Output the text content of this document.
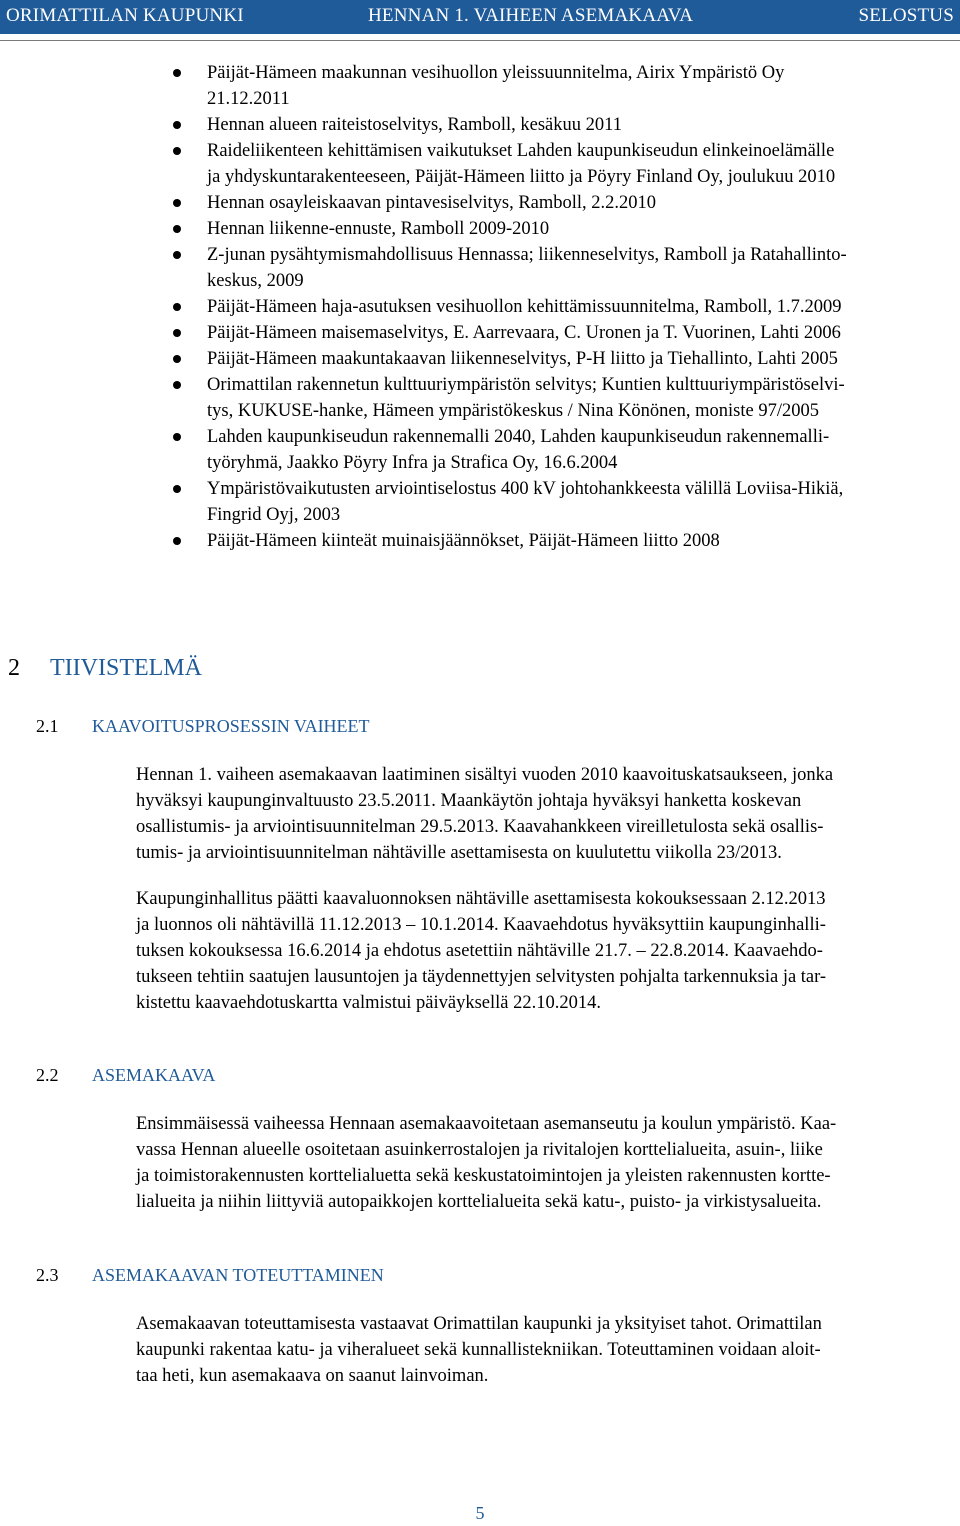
ORIMATTILAN KAUPUNKI	HENNAN 1. VAIHEEN ASEMAKAAVA	SELOSTUS
Päijät-Hämeen maakunnan vesihuollon yleissuunnitelma, Airix Ympäristö Oy
21.12.2011
Hennan alueen raiteistoselvitys, Ramboll, kesäkuu 2011
Raideliikenteen kehittämisen vaikutukset Lahden kaupunkiseudun elinkeinoelämälle
ja yhdyskuntarakenteeseen, Päijät-Hämeen liitto ja Pöyry Finland Oy, joulukuu 2010
Hennan osayleiskaavan pintavesiselvitys, Ramboll, 2.2.2010
Hennan liikenne-ennuste, Ramboll 2009-2010
Z-junan pysähtymismahdollisuus Hennassa; liikenneselvitys, Ramboll ja Ratahallinto-
keskus, 2009
Päijät-Hämeen haja-asutuksen vesihuollon kehittämissuunnitelma, Ramboll, 1.7.2009
Päijät-Hämeen maisemaselvitys, E. Aarrevaara, C. Uronen ja T. Vuorinen, Lahti 2006
Päijät-Hämeen maakuntakaavan liikenneselvitys, P-H liitto ja Tiehallinto, Lahti 2005
Orimattilan rakennetun kulttuuriympäristön selvitys; Kuntien kulttuuriympäristöselvi-
tys, KUKUSE-hanke, Hämeen ympäristökeskus / Nina Könönen, moniste 97/2005
Lahden kaupunkiseudun rakennemalli 2040, Lahden kaupunkiseudun rakennemalli-
työryhmä, Jaakko Pöyry Infra ja Strafica Oy, 16.6.2004
Ympäristövaikutusten arviointiselostus 400 kV johtohankkeesta välillä Loviisa-Hikiä,
Fingrid Oyj, 2003
Päijät-Hämeen kiinteät muinaisjäännökset, Päijät-Hämeen liitto 2008
2 TIIVISTELMÄ
2.1 KAAVOITUSPROSESSIN VAIHEET
Hennan 1. vaiheen asemakaavan laatiminen sisältyi vuoden 2010 kaavoituskatsaukseen, jonka
hyväksyi kaupunginvaltuusto 23.5.2011. Maankäytön johtaja hyväksyi hanketta koskevan
osallistumis- ja arviointisuunnitelman 29.5.2013. Kaavahankkeen vireilletulosta sekä osallis-
tumis- ja arviointisuunnitelman nähtäville asettamisesta on kuulutettu viikolla 23/2013.
Kaupunginhallitus päätti kaavaluonnoksen nähtäville asettamisesta kokouksessaan 2.12.2013
ja luonnos oli nähtävillä 11.12.2013 – 10.1.2014. Kaavaehdotus hyväksyttiin kaupunginhalli-
tuksen kokouksessa 16.6.2014 ja ehdotus asetettiin nähtäville 21.7. – 22.8.2014. Kaavaehdo-
tukseen tehtiin saatujen lausuntojen ja täydennettyjen selvitysten pohjalta tarkennuksia ja tar-
kistettu kaavaehdotuskartta valmistui päiväyksellä 22.10.2014.
2.2 ASEMAKAAVA
Ensimmäisessä vaiheessa Hennaan asemakaavoitetaan asemanseutu ja koulun ympäristö. Kaa-
vassa Hennan alueelle osoitetaan asuinkerrostalojen ja rivitalojen korttelialueita, asuin-, liike
ja toimistorakennusten korttelialuetta sekä keskustatoimintojen ja yleisten rakennusten kortte-
lialueita ja niihin liittyviä autopaikkojen korttelialueita sekä katu-, puisto- ja virkistysalueita.
2.3 ASEMAKAAVAN TOTEUTTAMINEN
Asemakaavan toteuttamisesta vastaavat Orimattilan kaupunki ja yksityiset tahot. Orimattilan
kaupunki rakentaa katu- ja viheralueet sekä kunnallistekniikan. Toteuttaminen voidaan aloit-
taa heti, kun asemakaava on saanut lainvoiman.
5
